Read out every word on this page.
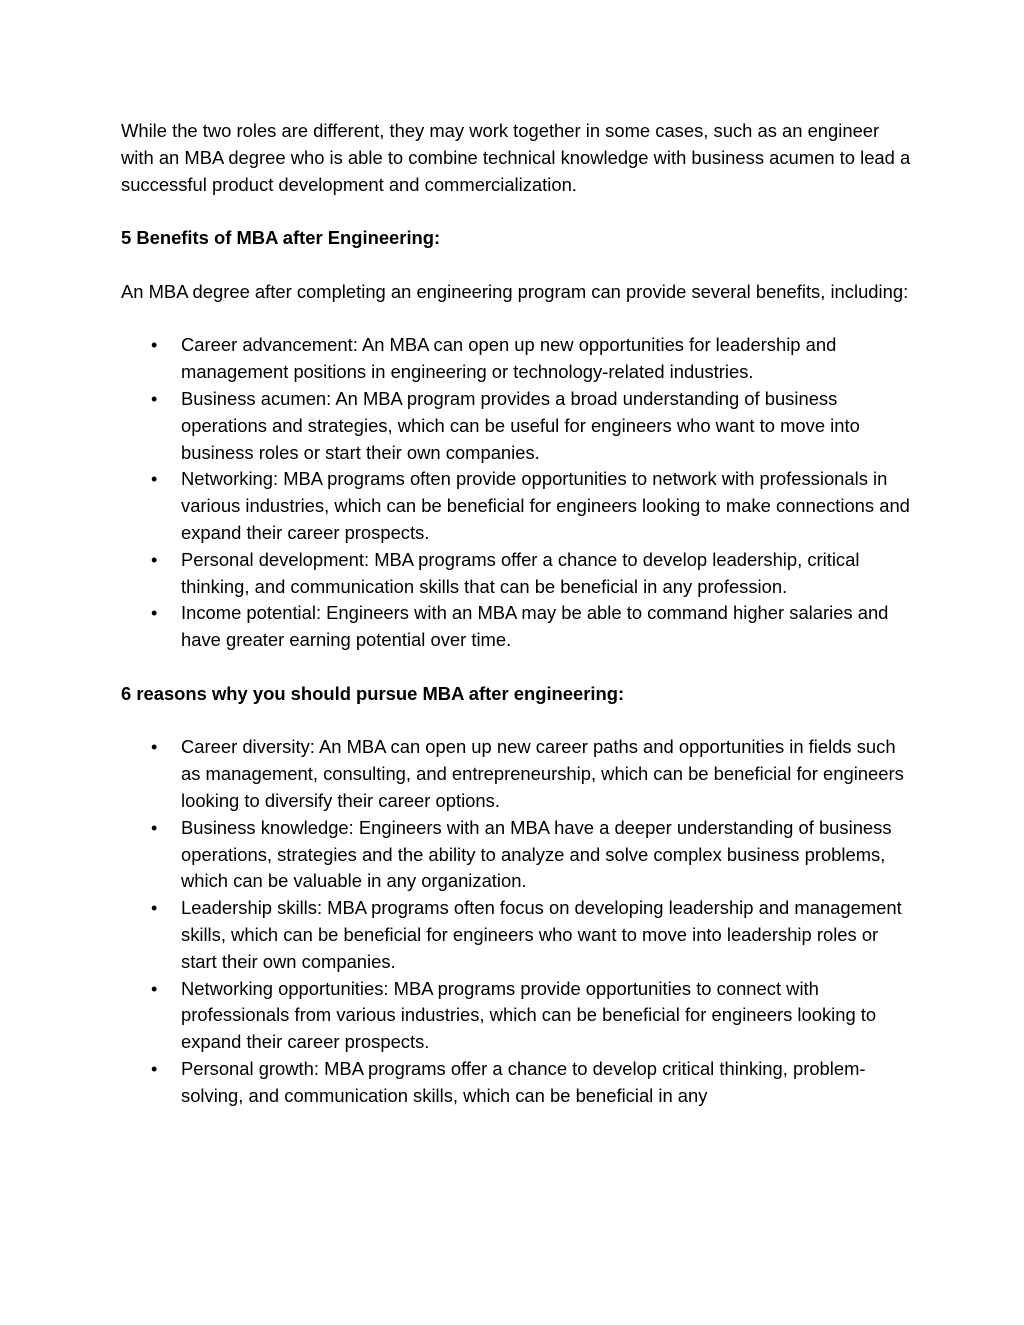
While the two roles are different, they may work together in some cases, such as an engineer with an MBA degree who is able to combine technical knowledge with business acumen to lead a successful product development and commercialization.

5 Benefits of MBA after Engineering:

An MBA degree after completing an engineering program can provide several benefits, including:

• Career advancement: An MBA can open up new opportunities for leadership and management positions in engineering or technology-related industries.
• Business acumen: An MBA program provides a broad understanding of business operations and strategies, which can be useful for engineers who want to move into business roles or start their own companies.
• Networking: MBA programs often provide opportunities to network with professionals in various industries, which can be beneficial for engineers looking to make connections and expand their career prospects.
• Personal development: MBA programs offer a chance to develop leadership, critical thinking, and communication skills that can be beneficial in any profession.
• Income potential: Engineers with an MBA may be able to command higher salaries and have greater earning potential over time.
6 reasons why you should pursue MBA after engineering:
• Career diversity: An MBA can open up new career paths and opportunities in fields such as management, consulting, and entrepreneurship, which can be beneficial for engineers looking to diversify their career options.
• Business knowledge: Engineers with an MBA have a deeper understanding of business operations, strategies and the ability to analyze and solve complex business problems, which can be valuable in any organization.
• Leadership skills: MBA programs often focus on developing leadership and management skills, which can be beneficial for engineers who want to move into leadership roles or start their own companies.
• Networking opportunities: MBA programs provide opportunities to connect with professionals from various industries, which can be beneficial for engineers looking to expand their career prospects.
• Personal growth: MBA programs offer a chance to develop critical thinking, problem-solving, and communication skills, which can be beneficial in any
